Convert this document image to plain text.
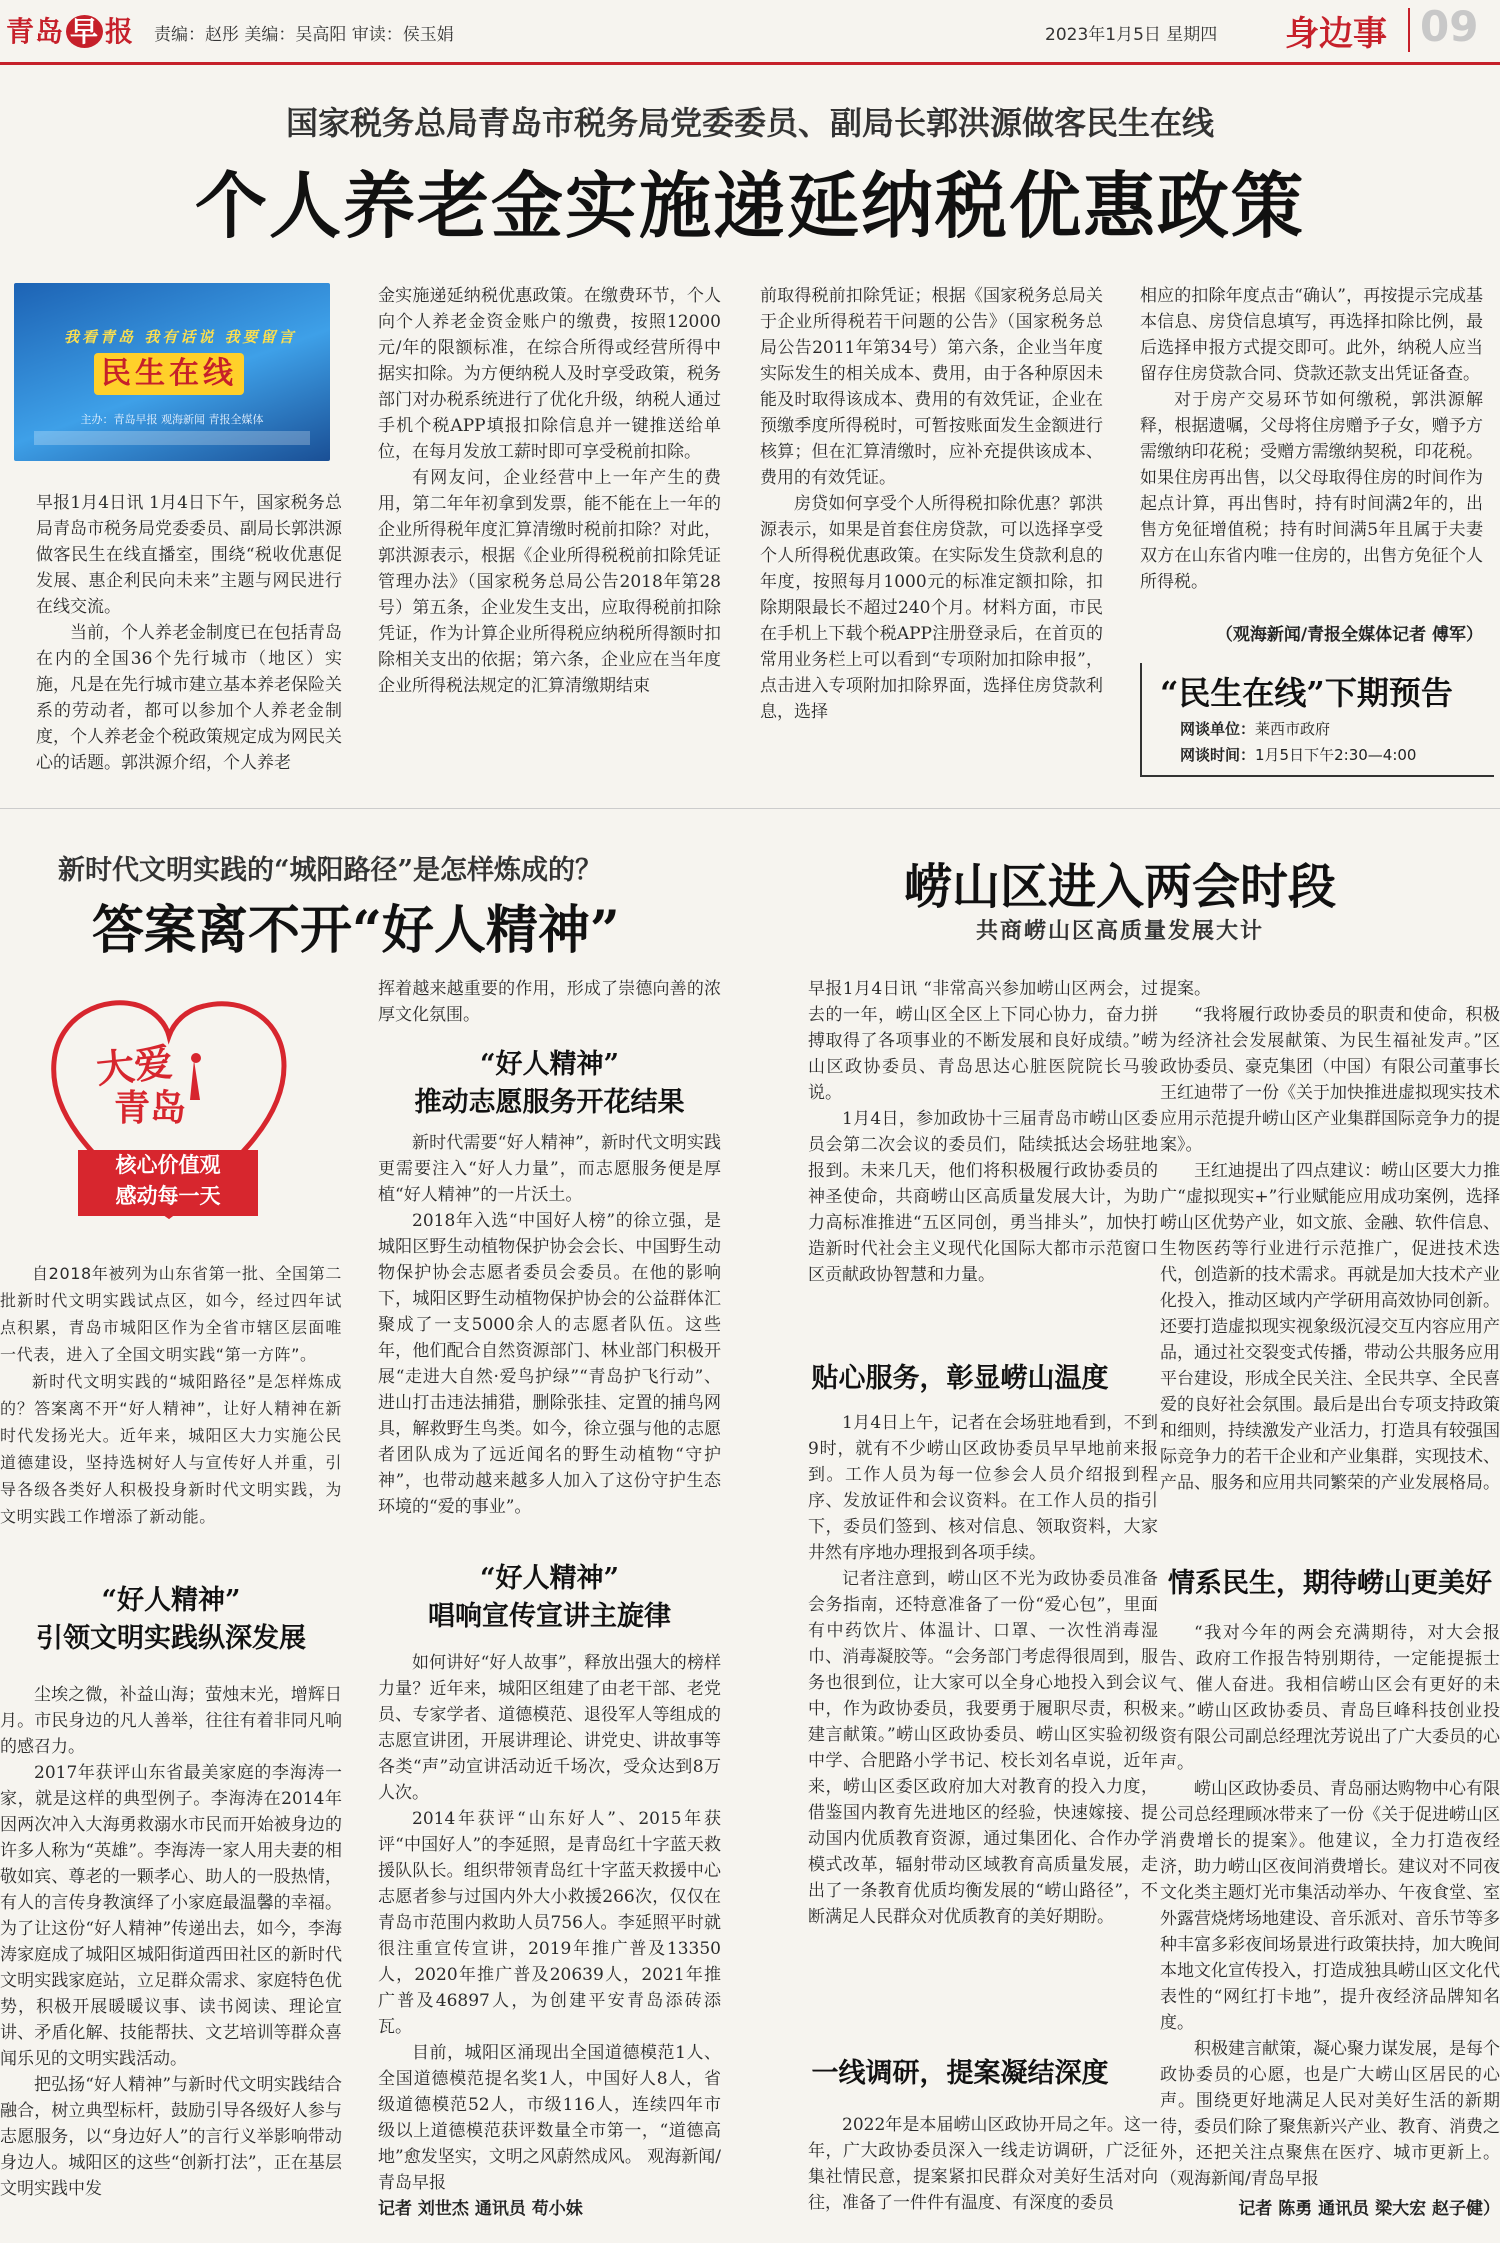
青岛 早 报 责编：赵彤 美编：吴高阳 审读：侯玉娟	2023年1月5日 星期四 身边事 09
国家税务总局青岛市税务局党委委员、副局长郭洪源做客民生在线
个人养老金实施递延纳税优惠政策
我看青岛 我有话说 我要留言
民生在线
主办：青岛早报 观海新闻 青报全媒体

早报1月4日讯 1月4日下午，国家税务总局青岛市税务局党委委员、副局长郭洪源做客民生在线直播室，围绕“税收优惠促发展、惠企利民向未来”主题与网民进行在线交流。

当前，个人养老金制度已在包括青岛在内的全国36个先行城市（地区）实施，凡是在先行城市建立基本养老保险关系的劳动者，都可以参加个人养老金制度，个人养老金个税政策规定成为网民关心的话题。郭洪源介绍，个人养老

金实施递延纳税优惠政策。在缴费环节，个人向个人养老金资金账户的缴费，按照12000元/年的限额标准，在综合所得或经营所得中据实扣除。为方便纳税人及时享受政策，税务部门对办税系统进行了优化升级，纳税人通过手机个税APP填报扣除信息并一键推送给单位，在每月发放工薪时即可享受税前扣除。

有网友问，企业经营中上一年产生的费用，第二年年初拿到发票，能不能在上一年的企业所得税年度汇算清缴时税前扣除？对此，郭洪源表示，根据《企业所得税税前扣除凭证管理办法》（国家税务总局公告2018年第28号）第五条，企业发生支出，应取得税前扣除凭证，作为计算企业所得税应纳税所得额时扣除相关支出的依据；第六条，企业应在当年度企业所得税法规定的汇算清缴期结束

前取得税前扣除凭证；根据《国家税务总局关于企业所得税若干问题的公告》（国家税务总局公告2011年第34号）第六条，企业当年度实际发生的相关成本、费用，由于各种原因未能及时取得该成本、费用的有效凭证，企业在预缴季度所得税时，可暂按账面发生金额进行核算；但在汇算清缴时，应补充提供该成本、费用的有效凭证。

房贷如何享受个人所得税扣除优惠？郭洪源表示，如果是首套住房贷款，可以选择享受个人所得税优惠政策。在实际发生贷款利息的年度，按照每月1000元的标准定额扣除，扣除期限最长不超过240个月。材料方面，市民在手机上下载个税APP注册登录后，在首页的常用业务栏上可以看到“专项附加扣除申报”，点击进入专项附加扣除界面，选择住房贷款利息，选择

相应的扣除年度点击“确认”，再按提示完成基本信息、房贷信息填写，再选择扣除比例，最后选择申报方式提交即可。此外，纳税人应当留存住房贷款合同、贷款还款支出凭证备查。

对于房产交易环节如何缴税，郭洪源解释，根据遗嘱，父母将住房赠予子女，赠予方需缴纳印花税；受赠方需缴纳契税，印花税。如果住房再出售，以父母取得住房的时间作为起点计算，再出售时，持有时间满2年的，出售方免征增值税；持有时间满5年且属于夫妻双方在山东省内唯一住房的，出售方免征个人所得税。

（观海新闻/青报全媒体记者 傅军）
“民生在线”下期预告
网谈单位：莱西市政府
网谈时间：1月5日下午2:30—4:00
新时代文明实践的“城阳路径”是怎样炼成的？
答案离不开“好人精神”
大爱
青岛
核心价值观
感动每一天

自2018年被列为山东省第一批、全国第二批新时代文明实践试点区，如今，经过四年试点积累，青岛市城阳区作为全省市辖区层面唯一代表，进入了全国文明实践“第一方阵”。

新时代文明实践的“城阳路径”是怎样炼成的？答案离不开“好人精神”，让好人精神在新时代发扬光大。近年来，城阳区大力实施公民道德建设，坚持选树好人与宣传好人并重，引导各级各类好人积极投身新时代文明实践，为文明实践工作增添了新动能。

“好人精神”
引领文明实践纵深发展

尘埃之微，补益山海；萤烛末光，增辉日月。市民身边的凡人善举，往往有着非同凡响的感召力。

2017年获评山东省最美家庭的李海涛一家，就是这样的典型例子。李海涛在2014年因两次冲入大海勇救溺水市民而开始被身边的许多人称为“英雄”。李海涛一家人用夫妻的相敬如宾、尊老的一颗孝心、助人的一股热情，有人的言传身教演绎了小家庭最温馨的幸福。为了让这份“好人精神”传递出去，如今，李海涛家庭成了城阳区城阳街道西田社区的新时代文明实践家庭站，立足群众需求、家庭特色优势，积极开展暖暖议事、读书阅读、理论宣讲、矛盾化解、技能帮扶、文艺培训等群众喜闻乐见的文明实践活动。

把弘扬“好人精神”与新时代文明实践结合融合，树立典型标杆，鼓励引导各级好人参与志愿服务，以“身边好人”的言行义举影响带动身边人。城阳区的这些“创新打法”，正在基层文明实践中发

挥着越来越重要的作用，形成了崇德向善的浓厚文化氛围。

“好人精神”
推动志愿服务开花结果

新时代需要“好人精神”，新时代文明实践更需要注入“好人力量”，而志愿服务便是厚植“好人精神”的一片沃土。

2018年入选“中国好人榜”的徐立强，是城阳区野生动植物保护协会会长、中国野生动物保护协会志愿者委员会委员。在他的影响下，城阳区野生动植物保护协会的公益群体汇聚成了一支5000余人的志愿者队伍。这些年，他们配合自然资源部门、林业部门积极开展“走进大自然·爱鸟护绿”“青岛护飞行动”、进山打击违法捕猎，删除张挂、定置的捕鸟网具，解救野生鸟类。如今，徐立强与他的志愿者团队成为了远近闻名的野生动植物“守护神”，也带动越来越多人加入了这份守护生态环境的“爱的事业”。

“好人精神”
唱响宣传宣讲主旋律

如何讲好“好人故事”，释放出强大的榜样力量？近年来，城阳区组建了由老干部、老党员、专家学者、道德模范、退役军人等组成的志愿宣讲团，开展讲理论、讲党史、讲故事等各类“声”动宣讲活动近千场次，受众达到8万人次。

2014年获评“山东好人”、2015年获评“中国好人”的李延照，是青岛红十字蓝天救援队队长。组织带领青岛红十字蓝天救援中心志愿者参与过国内外大小救援266次，仅仅在青岛市范围内救助人员756人。李延照平时就很注重宣传宣讲，2019年推广普及13350人，2020年推广普及20639人，2021年推广普及46897人，为创建平安青岛添砖添瓦。

目前，城阳区涌现出全国道德模范1人、全国道德模范提名奖1人，中国好人8人，省级道德模范52人，市级116人，连续四年市级以上道德模范获评数量全市第一，“道德高地”愈发坚实，文明之风蔚然成风。 观海新闻/青岛早报

记者 刘世杰 通讯员 苟小妹
崂山区进入两会时段
共商崂山区高质量发展大计

早报1月4日讯 “非常高兴参加崂山区两会，过去的一年，崂山区全区上下同心协力，奋力拼搏取得了各项事业的不断发展和良好成绩。”崂山区政协委员、青岛思达心脏医院院长马骏说。

1月4日，参加政协十三届青岛市崂山区委员会第二次会议的委员们，陆续抵达会场驻地报到。未来几天，他们将积极履行政协委员的神圣使命，共商崂山区高质量发展大计，为助力高标准推进“五区同创，勇当排头”，加快打造新时代社会主义现代化国际大都市示范窗口区贡献政协智慧和力量。

贴心服务，彰显崂山温度

1月4日上午，记者在会场驻地看到，不到9时，就有不少崂山区政协委员早早地前来报到。工作人员为每一位参会人员介绍报到程序、发放证件和会议资料。在工作人员的指引下，委员们签到、核对信息、领取资料，大家井然有序地办理报到各项手续。

记者注意到，崂山区不光为政协委员准备会务指南，还特意准备了一份“爱心包”，里面有中药饮片、体温计、口罩、一次性消毒湿巾、消毒凝胶等。“会务部门考虑得很周到，服务也很到位，让大家可以全身心地投入到会议中，作为政协委员，我要勇于履职尽责，积极建言献策。”崂山区政协委员、崂山区实验初级中学、合肥路小学书记、校长刘名卓说，近年来，崂山区委区政府加大对教育的投入力度，借鉴国内教育先进地区的经验，快速嫁接、提动国内优质教育资源，通过集团化、合作办学模式改革，辐射带动区域教育高质量发展，走出了一条教育优质均衡发展的“崂山路径”，不断满足人民群众对优质教育的美好期盼。

一线调研，提案凝结深度

2022年是本届崂山区政协开局之年。这一年，广大政协委员深入一线走访调研，广泛征集社情民意，提案紧扣民群众对美好生活对向往，准备了一件件有温度、有深度的委员

提案。

“我将履行政协委员的职责和使命，积极为经济社会发展献策、为民生福祉发声。”区政协委员、豪克集团（中国）有限公司董事长王红迪带了一份《关于加快推进虚拟现实技术应用示范提升崂山区产业集群国际竞争力的提案》。

王红迪提出了四点建议：崂山区要大力推广“虚拟现实+”行业赋能应用成功案例，选择崂山区优势产业，如文旅、金融、软件信息、生物医药等行业进行示范推广，促进技术迭代，创造新的技术需求。再就是加大技术产业化投入，推动区域内产学研用高效协同创新。还要打造虚拟现实视象级沉浸交互内容应用产品，通过社交裂变式传播，带动公共服务应用平台建设，形成全民关注、全民共享、全民喜爱的良好社会氛围。最后是出台专项支持政策和细则，持续激发产业活力，打造具有较强国际竞争力的若干企业和产业集群，实现技术、产品、服务和应用共同繁荣的产业发展格局。

情系民生，期待崂山更美好

“我对今年的两会充满期待，对大会报告、政府工作报告特别期待，一定能提振士气、催人奋进。我相信崂山区会有更好的未来。”崂山区政协委员、青岛巨峰科技创业投资有限公司副总经理沈芳说出了广大委员的心声。

崂山区政协委员、青岛丽达购物中心有限公司总经理顾冰带来了一份《关于促进崂山区消费增长的提案》。他建议，全力打造夜经济，助力崂山区夜间消费增长。建议对不同夜文化类主题灯光市集活动举办、午夜食堂、室外露营烧烤场地建设、音乐派对、音乐节等多种丰富多彩夜间场景进行政策扶持，加大晚间本地文化宣传投入，打造成独具崂山区文化代表性的“网红打卡地”，提升夜经济品牌知名度。

积极建言献策，凝心聚力谋发展，是每个政协委员的心愿，也是广大崂山区居民的心声。围绕更好地满足人民对美好生活的新期待，委员们除了聚焦新兴产业、教育、消费之外，还把关注点聚焦在医疗、城市更新上。（观海新闻/青岛早报

记者 陈勇 通讯员 梁大宏 赵子健）
